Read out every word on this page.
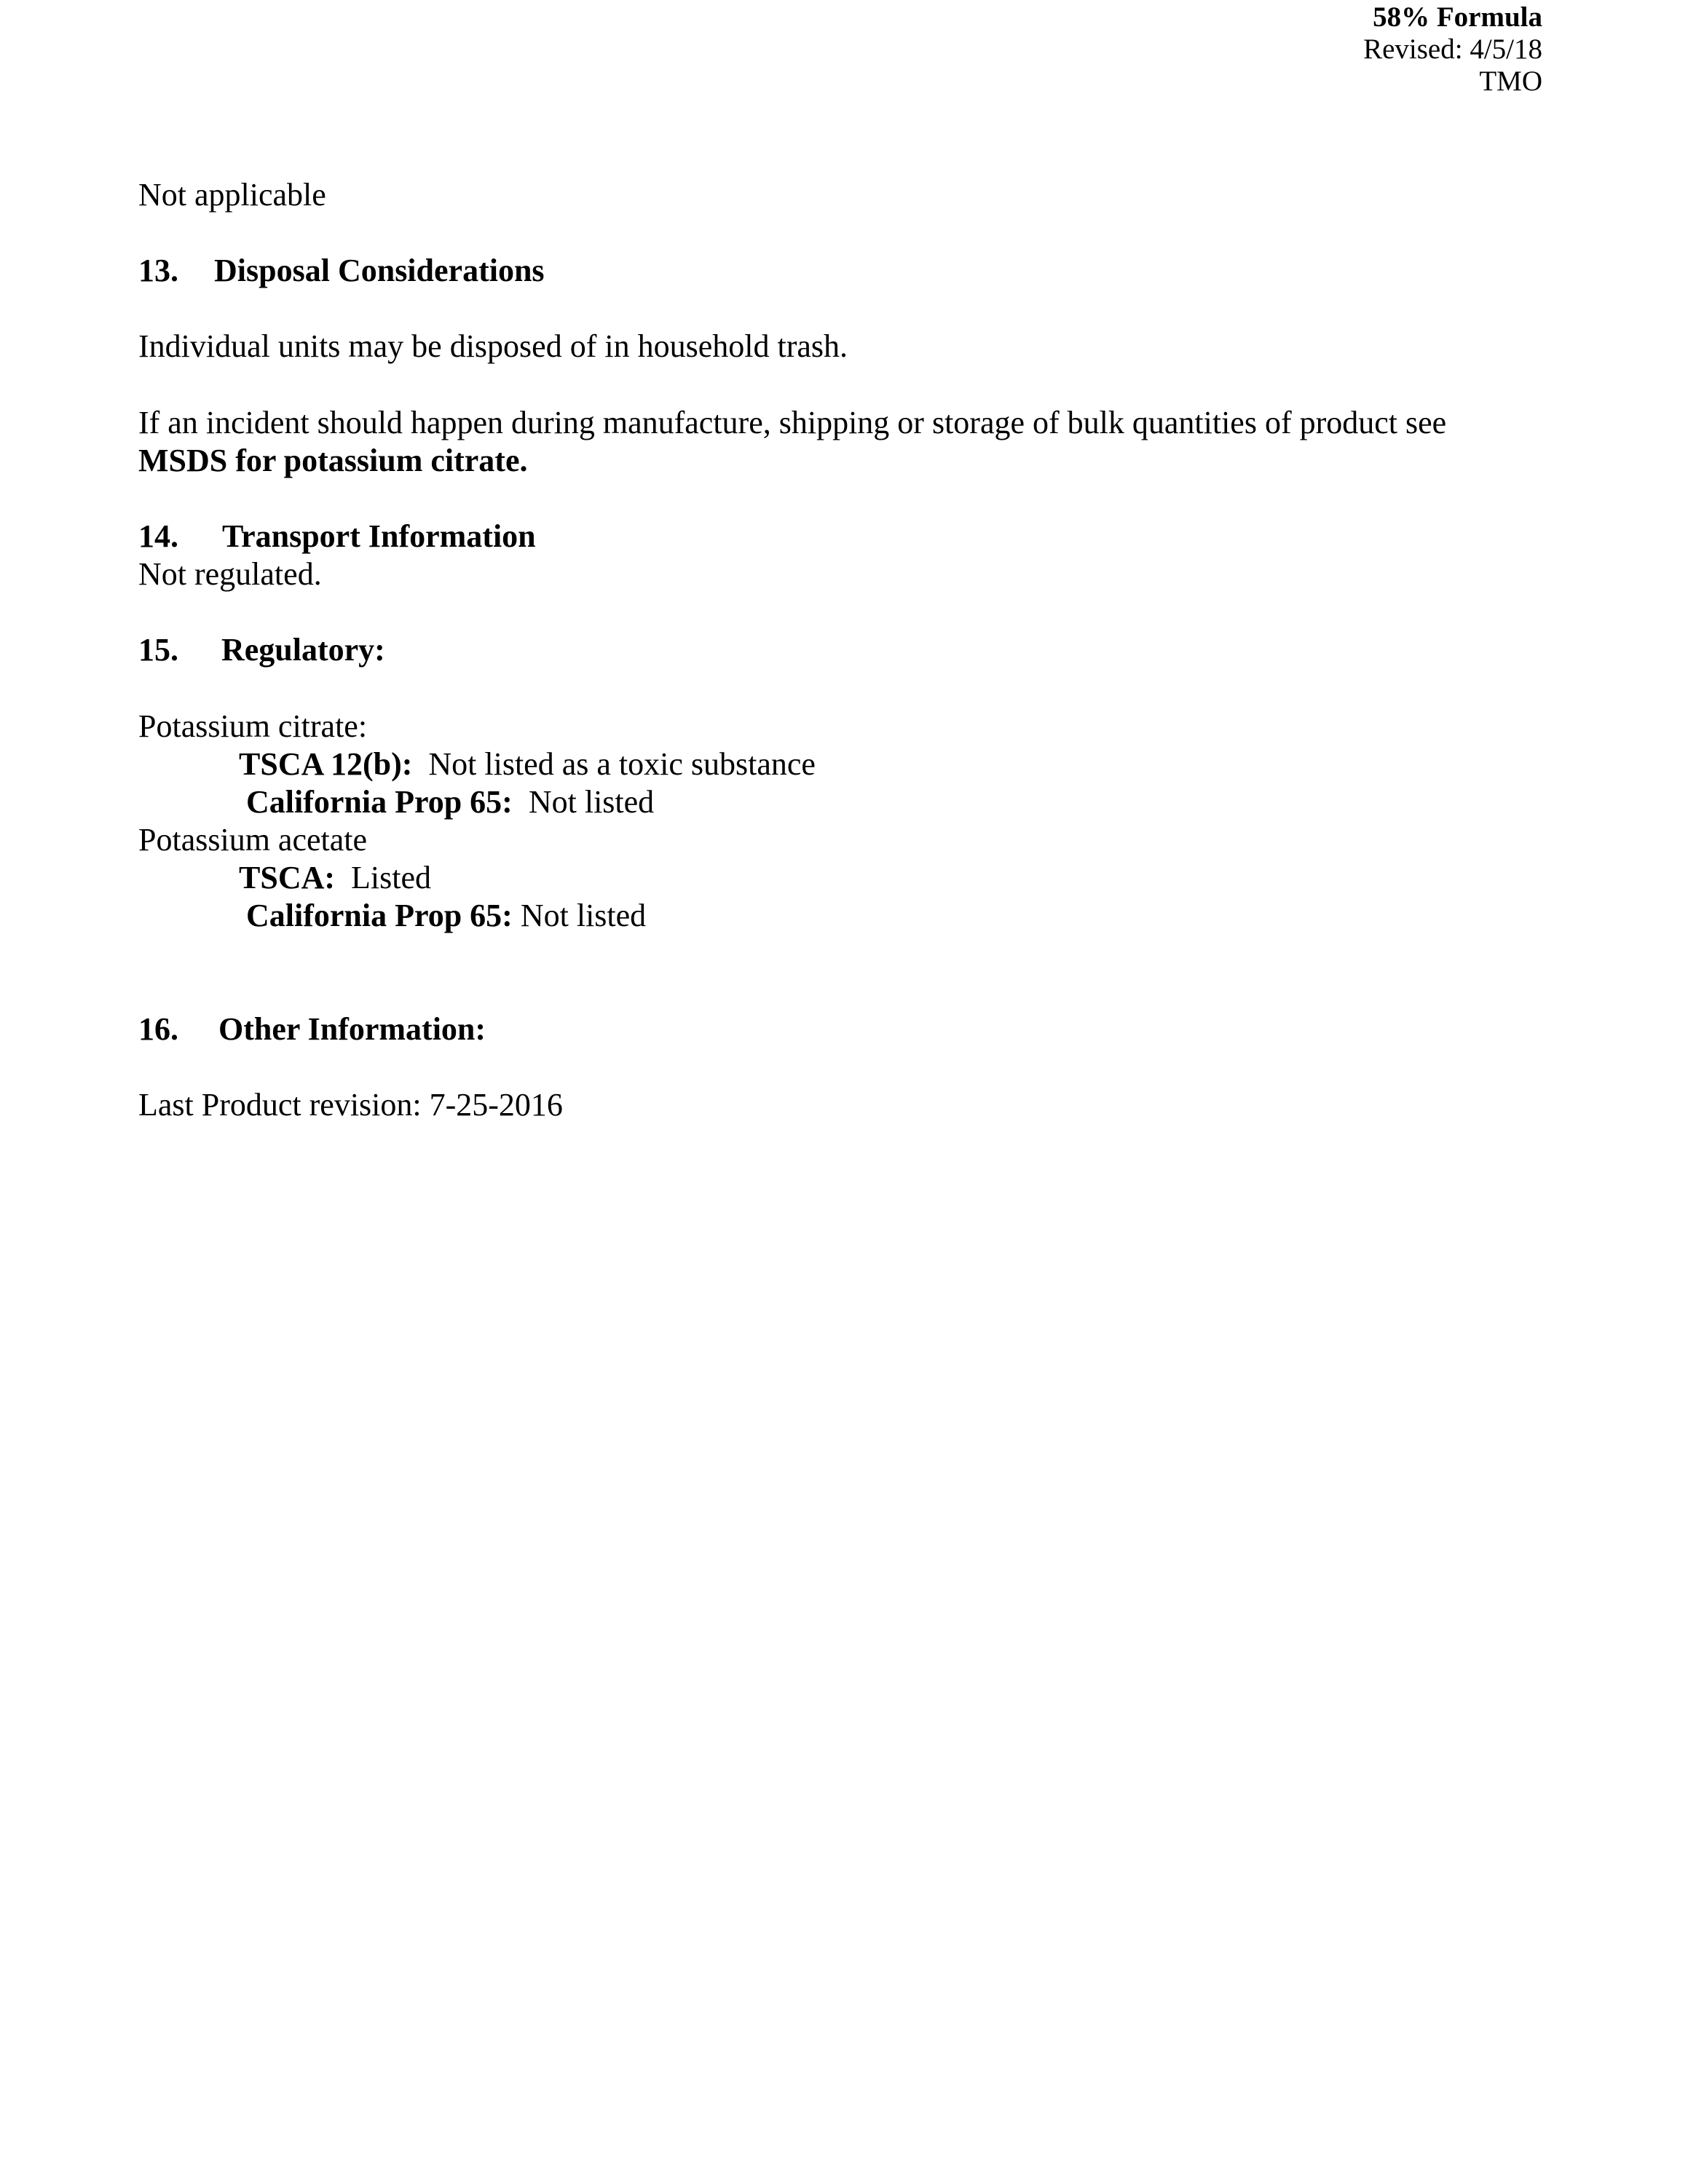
58% Formula
Revised: 4/5/18
TMO
Not applicable
13. Disposal Considerations
Individual units may be disposed of in household trash.
If an incident should happen during manufacture, shipping or storage of bulk quantities of product see
MSDS for potassium citrate.
14. Transport Information
Not regulated.
15. Regulatory:
Potassium citrate:
TSCA 12(b): Not listed as a toxic substance
California Prop 65: Not listed
Potassium acetate
TSCA: Listed
California Prop 65: Not listed
16. Other Information:
Last Product revision: 7-25-2016
